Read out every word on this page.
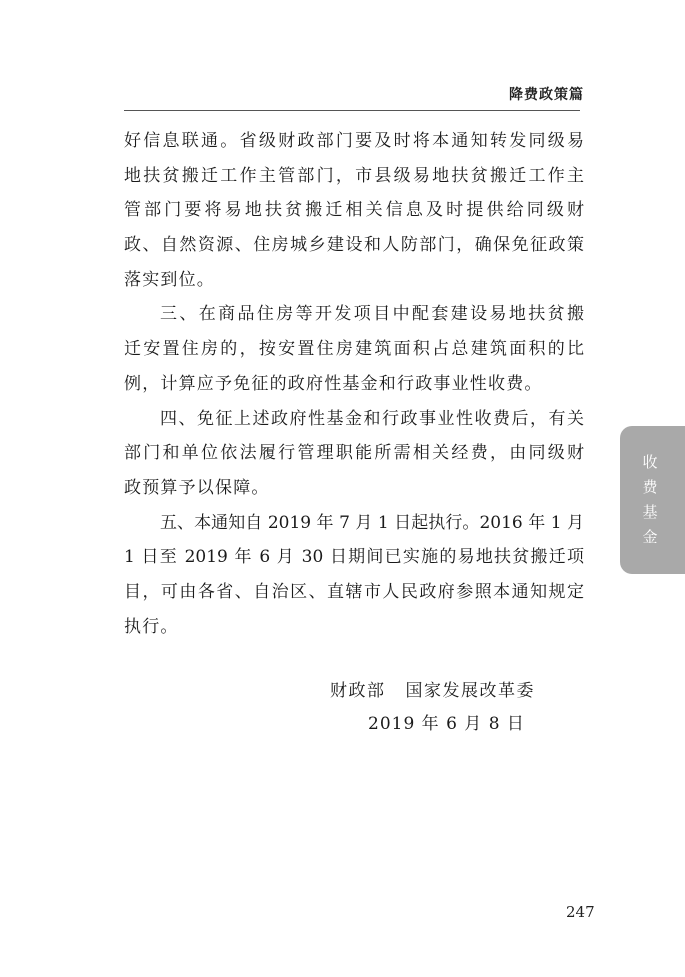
降费政策篇
好信息联通。省级财政部门要及时将本通知转发同级易
地扶贫搬迁工作主管部门，市县级易地扶贫搬迁工作主
管部门要将易地扶贫搬迁相关信息及时提供给同级财
政、自然资源、住房城乡建设和人防部门，确保免征政策
落实到位。
三、在商品住房等开发项目中配套建设易地扶贫搬
迁安置住房的，按安置住房建筑面积占总建筑面积的比
例，计算应予免征的政府性基金和行政事业性收费。
四、免征上述政府性基金和行政事业性收费后，有关
部门和单位依法履行管理职能所需相关经费，由同级财
政预算予以保障。
五、本通知自 2019 年 7 月 1 日起执行。2016 年 1 月
1 日至 2019 年 6 月 30 日期间已实施的易地扶贫搬迁项
目，可由各省、自治区、直辖市人民政府参照本通知规定
执行。
财政部 国家发展改革委
2019 年 6 月 8 日
收
费
基
金
247
